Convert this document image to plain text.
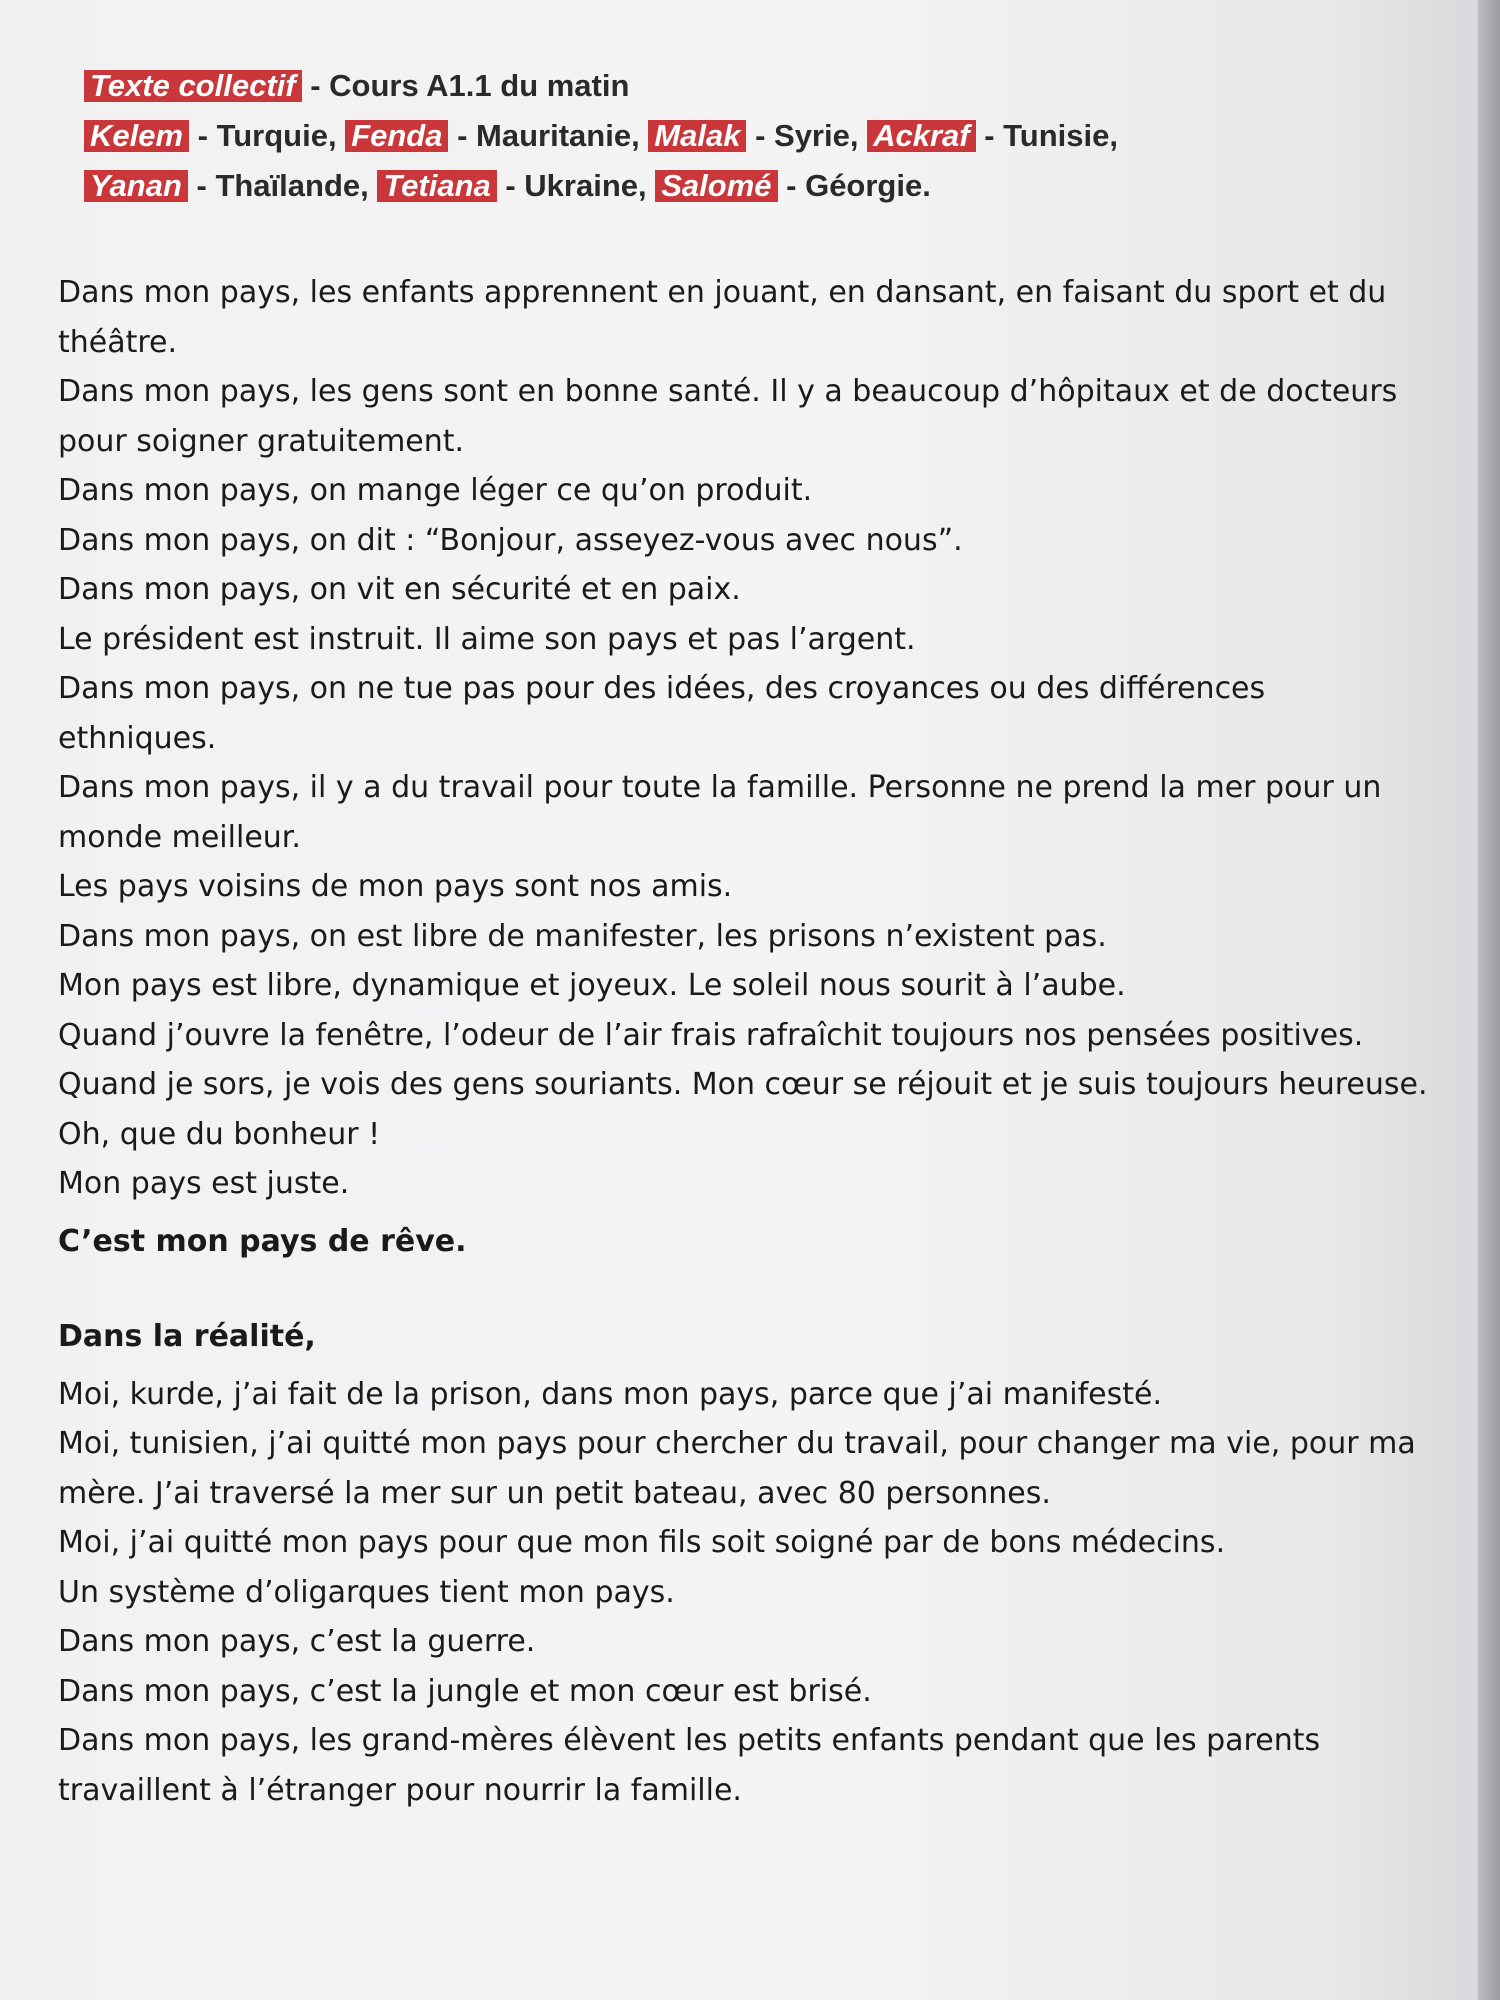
Texte collectif - Cours A1.1 du matin
Kelem - Turquie, Fenda - Mauritanie, Malak - Syrie, Ackraf - Tunisie,
Yanan - Thaïlande, Tetiana - Ukraine, Salomé - Géorgie.

Dans mon pays, les enfants apprennent en jouant, en dansant, en faisant du sport et du théâtre.

Dans mon pays, les gens sont en bonne santé. Il y a beaucoup d’hôpitaux et de docteurs pour soigner gratuitement.

Dans mon pays, on mange léger ce qu’on produit.

Dans mon pays, on dit : “Bonjour, asseyez-vous avec nous”.

Dans mon pays, on vit en sécurité et en paix.

Le président est instruit. Il aime son pays et pas l’argent.

Dans mon pays, on ne tue pas pour des idées, des croyances ou des différences ethniques.

Dans mon pays, il y a du travail pour toute la famille. Personne ne prend la mer pour un monde meilleur.

Les pays voisins de mon pays sont nos amis.

Dans mon pays, on est libre de manifester, les prisons n’existent pas.

Mon pays est libre, dynamique et joyeux. Le soleil nous sourit à l’aube.

Quand j’ouvre la fenêtre, l’odeur de l’air frais rafraîchit toujours nos pensées positives. Quand je sors, je vois des gens souriants. Mon cœur se réjouit et je suis toujours heureuse. Oh, que du bonheur !

Mon pays est juste.

C’est mon pays de rêve.

Dans la réalité,

Moi, kurde, j’ai fait de la prison, dans mon pays, parce que j’ai manifesté.

Moi, tunisien, j’ai quitté mon pays pour chercher du travail, pour changer ma vie, pour ma mère. J’ai traversé la mer sur un petit bateau, avec 80 personnes.

Moi, j’ai quitté mon pays pour que mon fils soit soigné par de bons médecins.

Un système d’oligarques tient mon pays.

Dans mon pays, c’est la guerre.

Dans mon pays, c’est la jungle et mon cœur est brisé.

Dans mon pays, les grand-mères élèvent les petits enfants pendant que les parents travaillent à l’étranger pour nourrir la famille.
